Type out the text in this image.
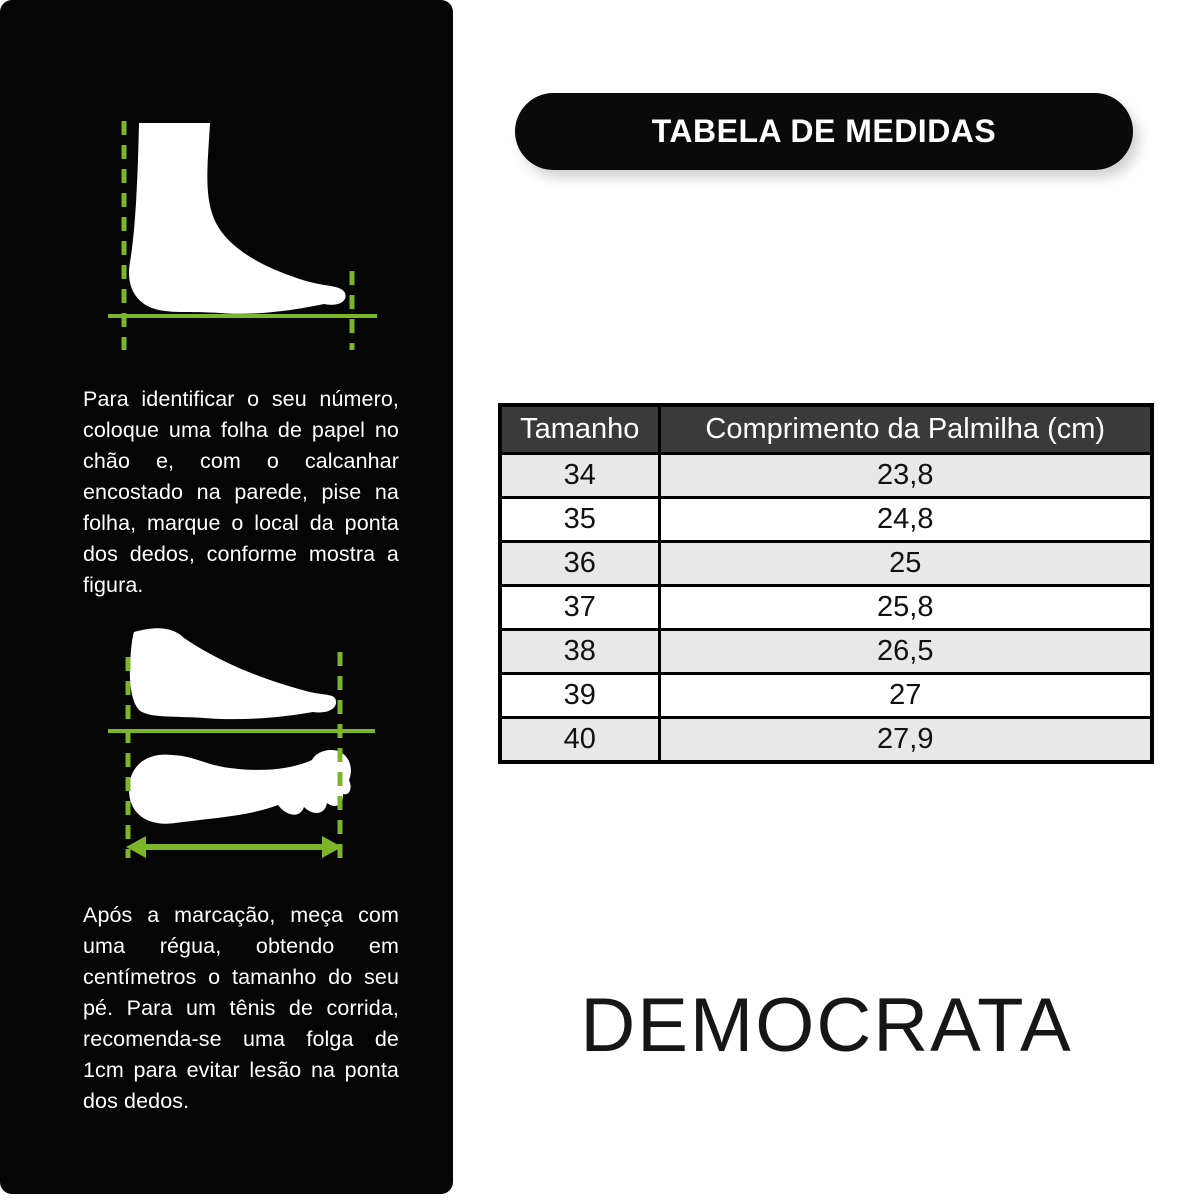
Para identificar o seu número, coloque uma folha de papel no chão e, com o calcanhar encostado na parede, pise na folha, marque o local da ponta dos dedos, conforme mostra a figura.

Após a marcação, meça com uma régua, obtendo em centímetros o tamanho do seu pé. Para um tênis de corrida, recomenda-se uma folga de 1cm para evitar lesão na ponta dos dedos.

TABELA DE MEDIDAS
Tamanho	Comprimento da Palmilha (cm)
34	23,8
35	24,8
36	25
37	25,8
38	26,5
39	27
40	27,9
DEMOCRATA
